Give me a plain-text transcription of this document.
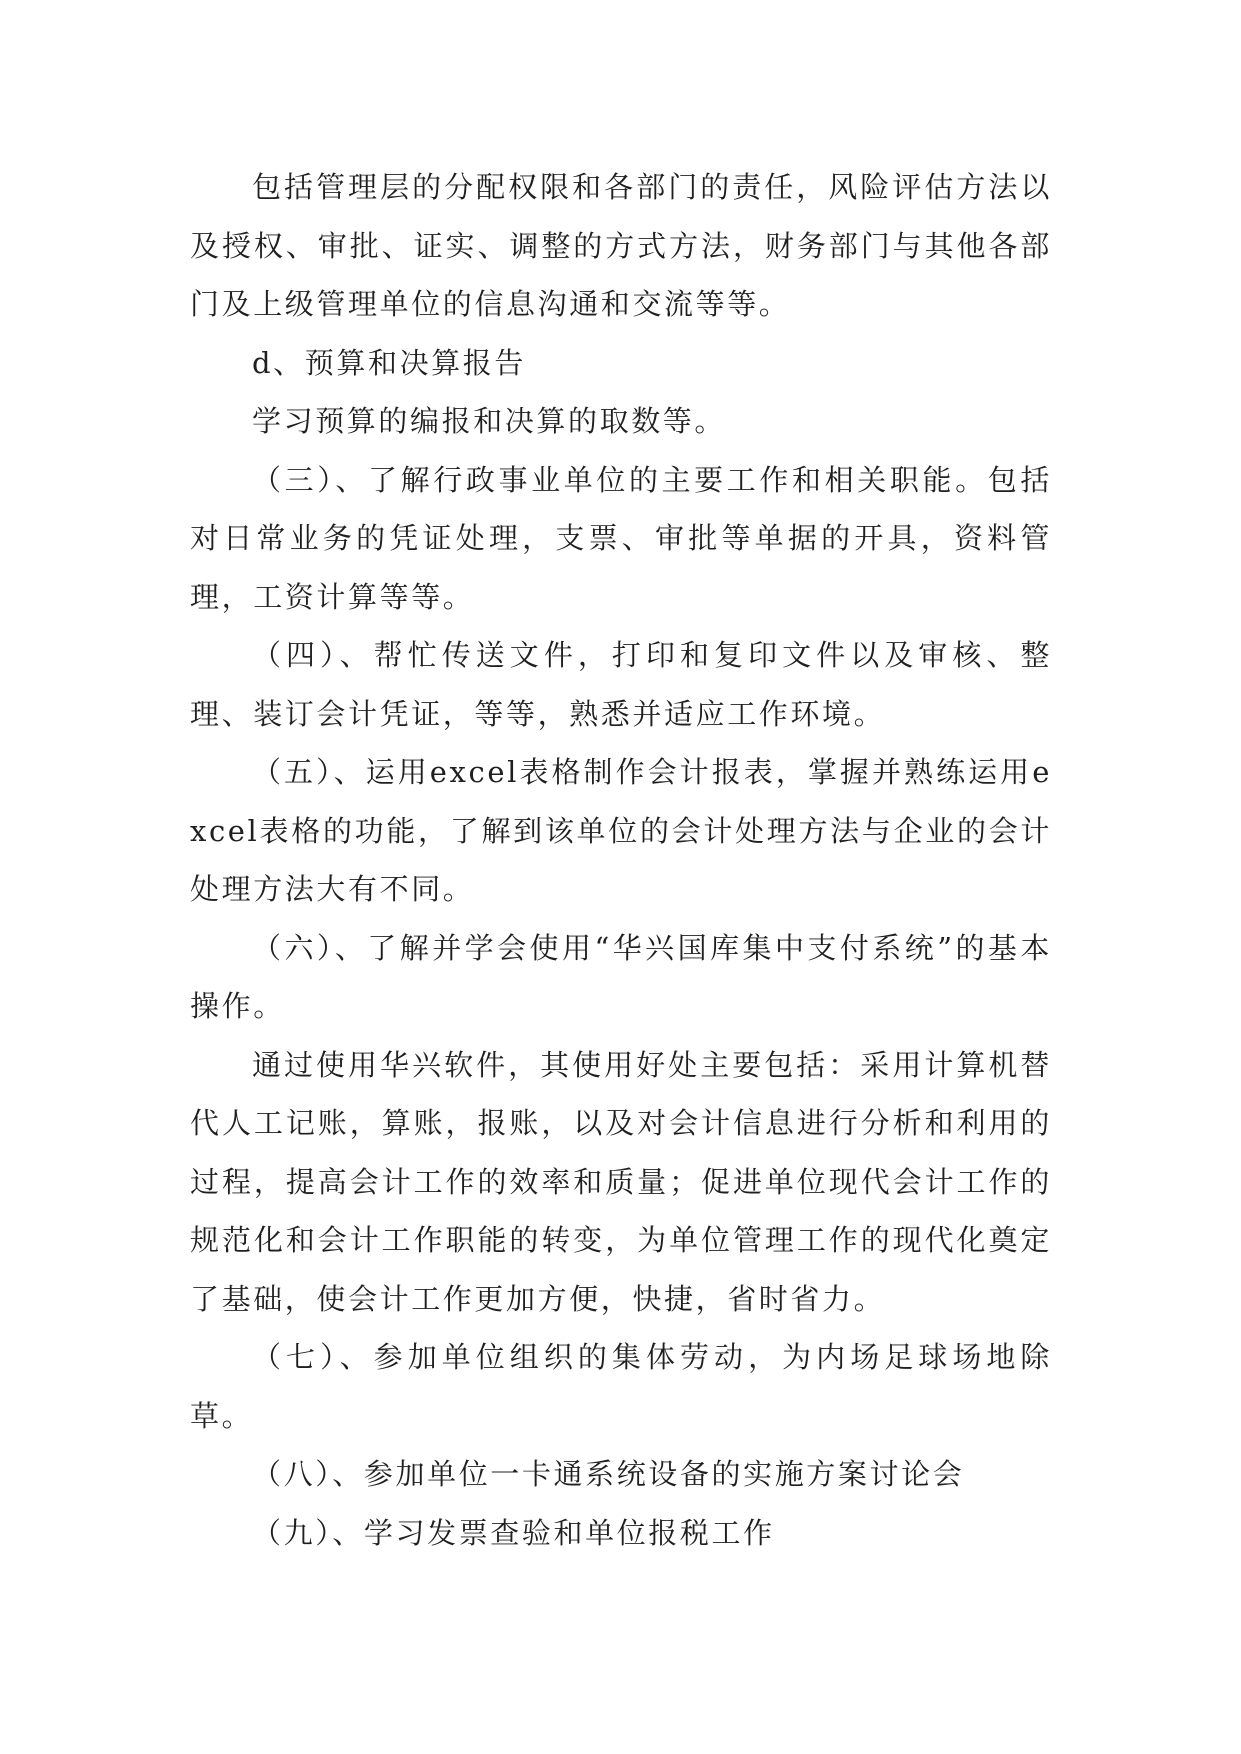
包括管理层的分配权限和各部门的责任，风险评估方法以及授权、审批、证实、调整的方式方法，财务部门与其他各部门及上级管理单位的信息沟通和交流等等。

d、预算和决算报告

学习预算的编报和决算的取数等。

（三）、了解行政事业单位的主要工作和相关职能。包括对日常业务的凭证处理，支票、审批等单据的开具，资料管理，工资计算等等。

（四）、帮忙传送文件，打印和复印文件以及审核、整理、装订会计凭证，等等，熟悉并适应工作环境。

（五）、运用excel表格制作会计报表，掌握并熟练运用excel表格的功能，了解到该单位的会计处理方法与企业的会计处理方法大有不同。

（六）、了解并学会使用“华兴国库集中支付系统”的基本操作。

通过使用华兴软件，其使用好处主要包括：采用计算机替代人工记账，算账，报账，以及对会计信息进行分析和利用的过程，提高会计工作的效率和质量；促进单位现代会计工作的规范化和会计工作职能的转变，为单位管理工作的现代化奠定了基础，使会计工作更加方便，快捷，省时省力。

（七）、参加单位组织的集体劳动，为内场足球场地除草。

（八）、参加单位一卡通系统设备的实施方案讨论会

（九）、学习发票查验和单位报税工作
